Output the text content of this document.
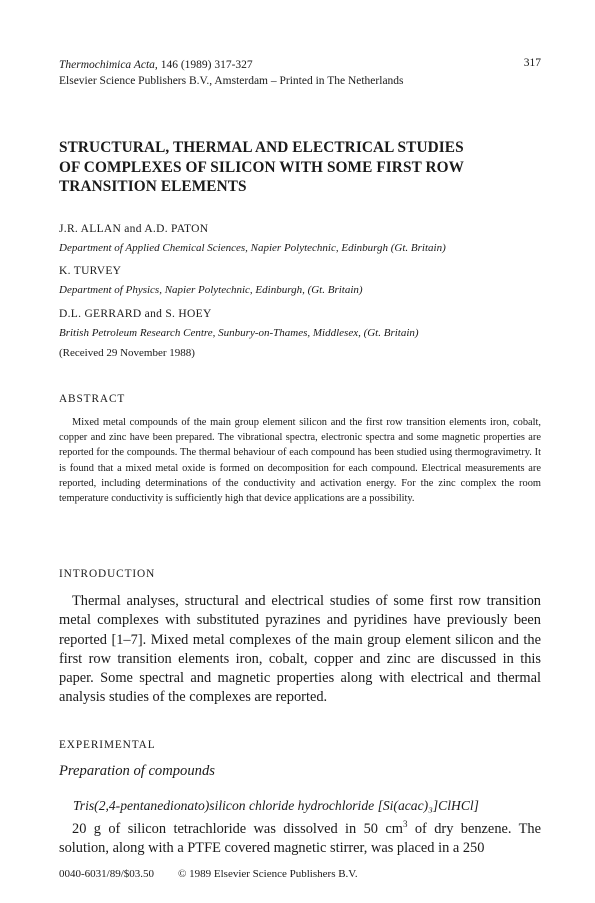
Thermochimica Acta, 146 (1989) 317-327	317
Elsevier Science Publishers B.V., Amsterdam – Printed in The Netherlands
STRUCTURAL, THERMAL AND ELECTRICAL STUDIES
OF COMPLEXES OF SILICON WITH SOME FIRST ROW
TRANSITION ELEMENTS
J.R. ALLAN and A.D. PATON
Department of Applied Chemical Sciences, Napier Polytechnic, Edinburgh (Gt. Britain)
K. TURVEY
Department of Physics, Napier Polytechnic, Edinburgh, (Gt. Britain)
D.L. GERRARD and S. HOEY
British Petroleum Research Centre, Sunbury-on-Thames, Middlesex, (Gt. Britain)
(Received 29 November 1988)
ABSTRACT

Mixed metal compounds of the main group element silicon and the first row transition elements iron, cobalt, copper and zinc have been prepared. The vibrational spectra, electronic spectra and some magnetic properties are reported for the compounds. The thermal behaviour of each compound has been studied using thermogravimetry. It is found that a mixed metal oxide is formed on decomposition for each compound. Electrical measurements are reported, including determinations of the conductivity and activation energy. For the zinc complex the room temperature conductivity is sufficiently high that device applications are a possibility.

INTRODUCTION

Thermal analyses, structural and electrical studies of some first row transition metal complexes with substituted pyrazines and pyridines have previously been reported [1–7]. Mixed metal complexes of the main group element silicon and the first row transition elements iron, cobalt, copper and zinc are discussed in this paper. Some spectral and magnetic properties along with electrical and thermal analysis studies of the complexes are reported.

EXPERIMENTAL
Preparation of compounds
Tris(2,4-pentanedionato)silicon chloride hydrochloride [Si(acac)₃]ClHCl]

20 g of silicon tetrachloride was dissolved in 50 $cm^3$ of dry benzene. The solution, along with a PTFE covered magnetic stirrer, was placed in a 250

0040-6031/89/$03.50 © 1989 Elsevier Science Publishers B.V.
